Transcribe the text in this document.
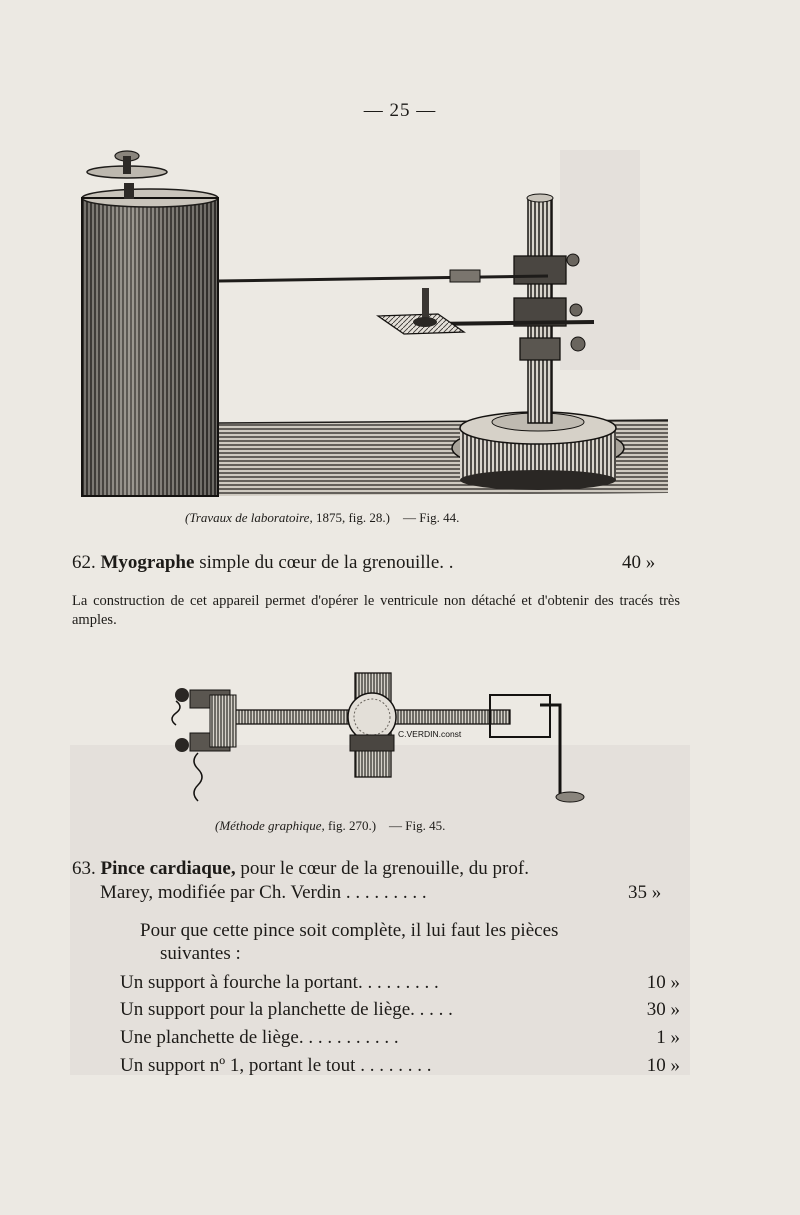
— 25 —
(Travaux de laboratoire, 1875, fig. 28.) — Fig. 44.
62. Myographe simple du cœur de la grenouille. .	40 »
La construction de cet appareil permet d'opérer le ventricule non détaché et d'obtenir des tracés très amples.
C.VERDIN.const
(Méthode graphique, fig. 270.) — Fig. 45.
63. Pince cardiaque, pour le cœur de la grenouille, du prof.
Marey, modifiée par Ch. Verdin . . . . . . . . .	35 »
Pour que cette pince soit complète, il lui faut les pièces
suivantes :
Un support à fourche la portant. . . . . . . . .	10 »
Un support pour la planchette de liège. . . . .	30 »
Une planchette de liège. . . . . . . . . . .	1 »
Un support nº 1, portant le tout . . . . . . . .	10 »
